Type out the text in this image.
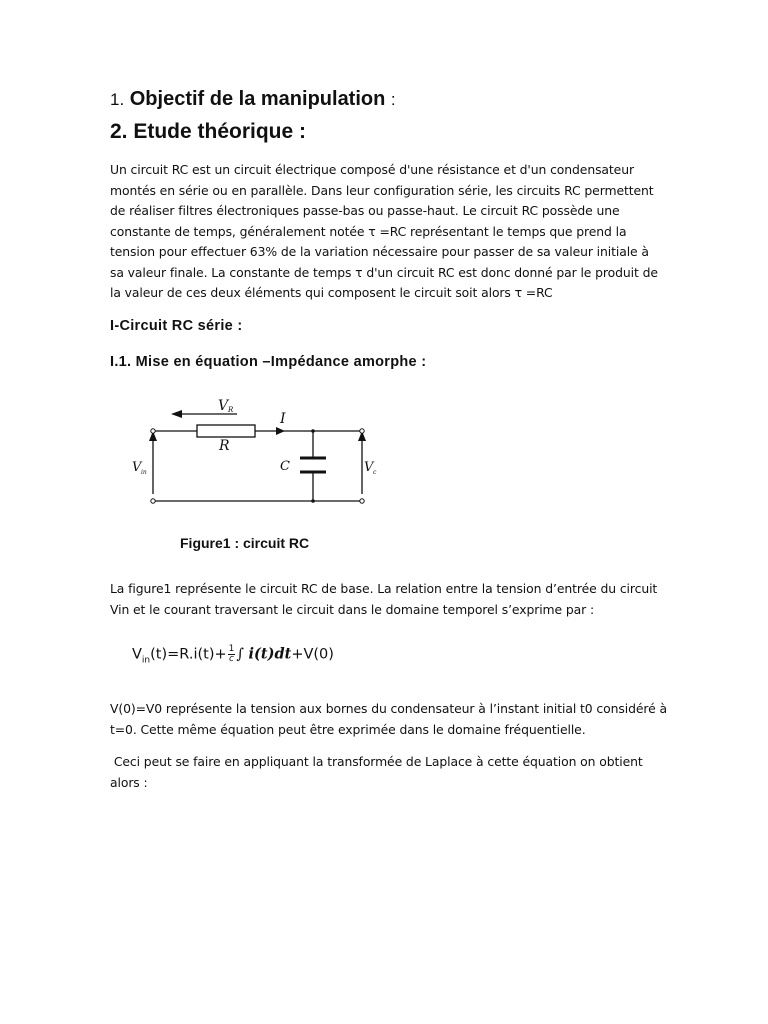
1. Objectif de la manipulation :
2. Etude théorique :
Un circuit RC est un circuit électrique composé d'une résistance et d'un condensateur
montés en série ou en parallèle. Dans leur configuration série, les circuits RC permettent
de réaliser filtres électroniques passe-bas ou passe-haut. Le circuit RC possède une
constante de temps, généralement notée τ =RC représentant le temps que prend la
tension pour effectuer 63% de la variation nécessaire pour passer de sa valeur initiale à
sa valeur finale. La constante de temps τ d'un circuit RC est donc donné par le produit de
la valeur de ces deux éléments qui composent le circuit soit alors τ =RC
I-Circuit RC série :
I.1. Mise en équation –Impédance amorphe :
V R
I
R
C
V in	V c
Figure1 : circuit RC
La figure1 représente le circuit RC de base. La relation entre la tension d’entrée du circuit
Vin et le courant traversant le circuit dans le domaine temporel s’exprime par :
$V_{in}(t)=R.i(t)+ \frac{1}{c}$ ∫ i(t)dt+V(0)
V(0)=V0 représente la tension aux bornes du condensateur à l’instant initial t0 considéré à
t=0. Cette même équation peut être exprimée dans le domaine fréquentielle.
Ceci peut se faire en appliquant la transformée de Laplace à cette équation on obtient
alors :
